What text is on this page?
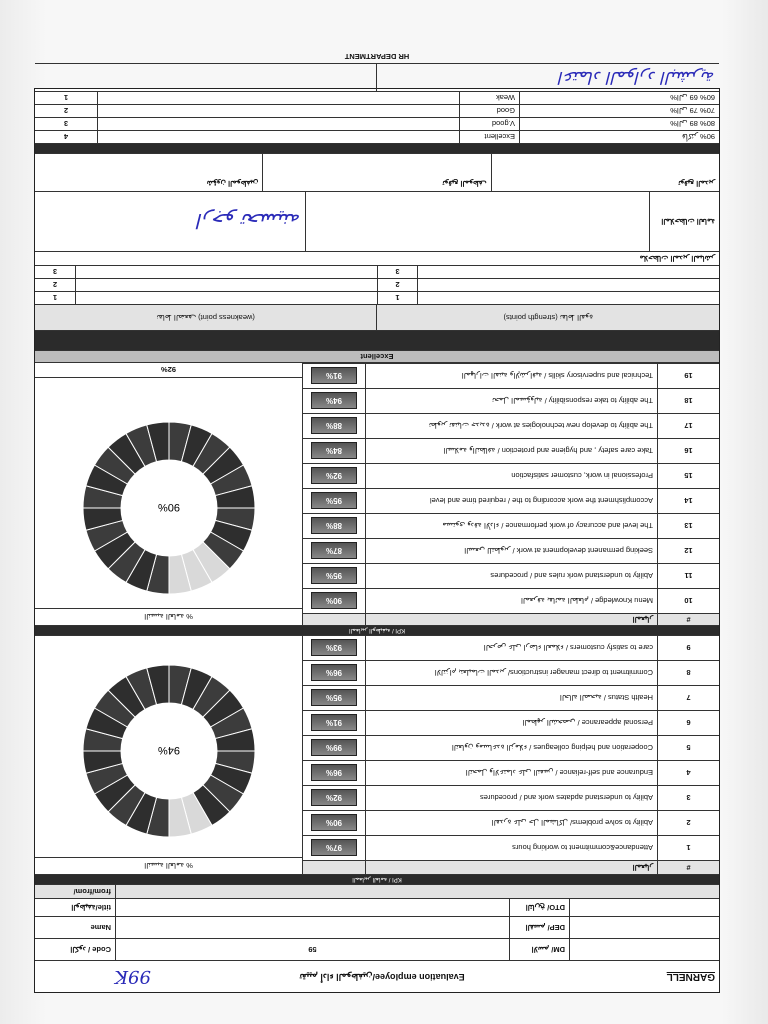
GARNELL
Evaluation employee/تقييم أداء الموظفين
99K
DM/ الاسم
59
Code / الكود
DEP/ القسم
Name
DTO/ التاريخ
title/الوظيفة
from/from/
KPI / المعايير العامة
#
المعيار
1
Attendance&commitment to working hours
97%
2
Ability to solve problems/ القدرة على حل المشاكل
90%
3
Ability to understand apdates work and / procedures
92%
4
Endurance and self-reliance / التحمل والاعتماد على النفس
96%
5
Cooperation and helping colleagues / التعاون ومساعدة الزملاء
99%
6
Personal appearance / المظهر الشخصي
91%
7
Health Status / الحالة الصحية
95%
8
Commitment to direct manager instructions/ الالتزام بتعليمات المدير
96%
9
care to satisfy customers / الحرص على ارضاء العملاء
93%
% النسبة العامة
94%
KPI / المعايير الوظيفية
#
المعيار
10
Menu Knowledge / المعرفة بقائمة الطعام
90%
11
Ability to understand work rules and / procedures
95%
12
Seeking permanent development at work / السعي للتطوير
87%
13
The level and accuracy of work performance / مستوى ودقة الأداء
88%
14
Accomplishment the work according to the / required time and level
95%
15
Professional in work, customer satisfaction
92%
16
Take care safety , and hygiene and protection / السلامة والنظافة
84%
17
The ability to develop new technologies at work / تطوير تقنيات جديدة
88%
18
The ability to take responsibility / تحمل المسؤولية
94%
19
Technical and supervisory skills / المهارات الفنية والإشرافية
91%
% النسبة العامة
90%
92%
Excellent
نقاط القوة (strength points)
(weakness point) نقاط الضعف
1
1
2
2
3
3
ملاحظات المدير المباشر
الملاحظات العامة
ارجو تحسينه
توقيع المدير
توقيع الموظف
شؤون الموظفين
90% فأكثر
Excellent
4
80% الى 89%
V.good
3
70% الى 79%
Good
2
60% الى 69%
Weak
1
اعتماد الموارد البشرية
HR DEPARTMENT
